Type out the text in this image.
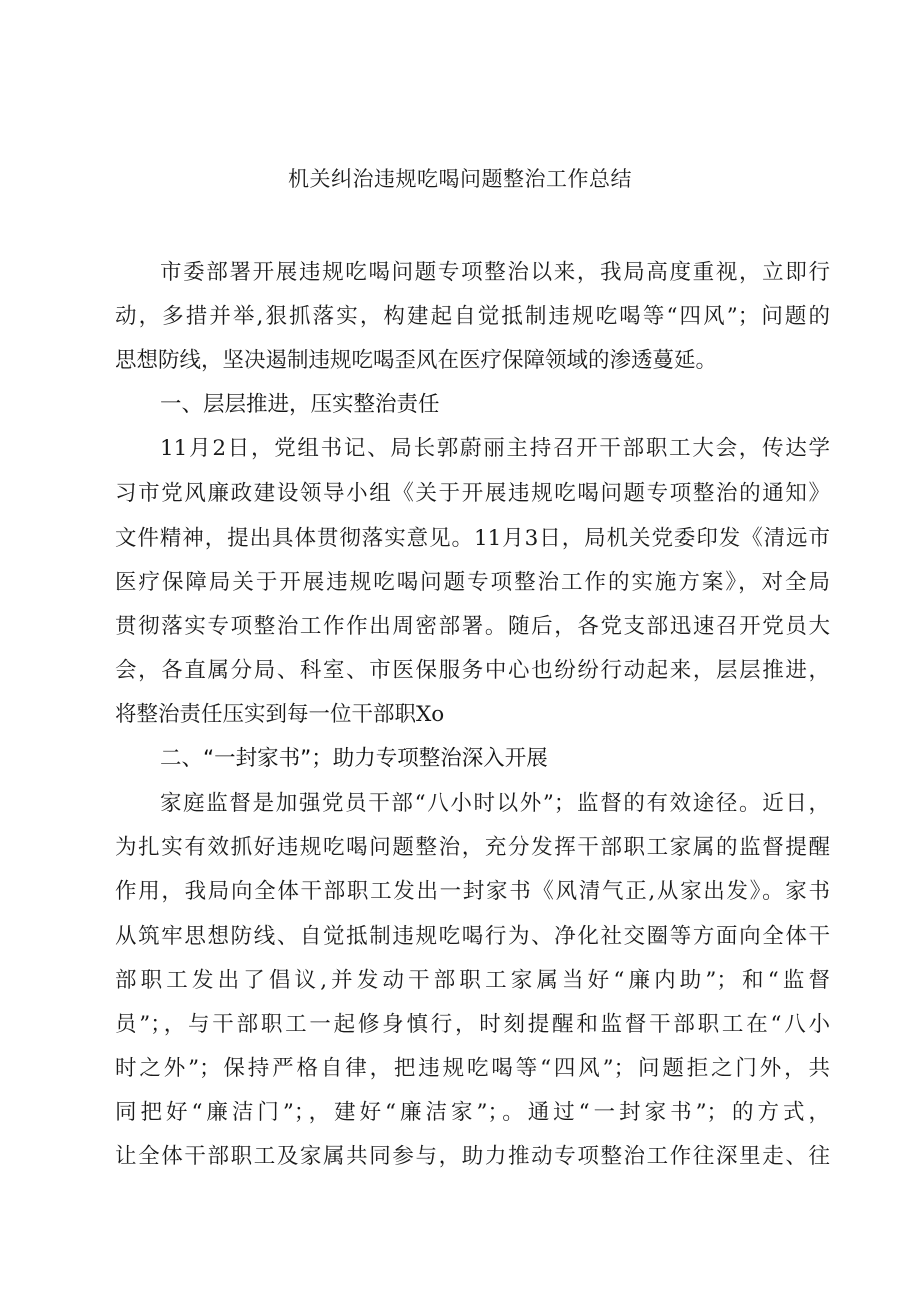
机关纠治违规吃喝问题整治工作总结
市委部署开展违规吃喝问题专项整治以来，我局高度重视，立即行
动，多措并举,狠抓落实，构建起自觉抵制违规吃喝等“四风”；问题的
思想防线，坚决遏制违规吃喝歪风在医疗保障领域的渗透蔓延。
一、层层推进，压实整治责任
11月2日，党组书记、局长郭蔚丽主持召开干部职工大会，传达学
习市党风廉政建设领导小组《关于开展违规吃喝问题专项整治的通知》
文件精神，提出具体贯彻落实意见。11月3日，局机关党委印发《清远市
医疗保障局关于开展违规吃喝问题专项整治工作的实施方案》，对全局
贯彻落实专项整治工作作出周密部署。随后，各党支部迅速召开党员大
会，各直属分局、科室、市医保服务中心也纷纷行动起来，层层推进，
将整治责任压实到每一位干部职Xo
二、“一封家书”；助力专项整治深入开展
家庭监督是加强党员干部“八小时以外”；监督的有效途径。近日，
为扎实有效抓好违规吃喝问题整治，充分发挥干部职工家属的监督提醒
作用，我局向全体干部职工发出一封家书《风清气正,从家出发》。家书
从筑牢思想防线、自觉抵制违规吃喝行为、净化社交圈等方面向全体干
部职工发出了倡议,并发动干部职工家属当好“廉内助”；和“监督
员”；，与干部职工一起修身慎行，时刻提醒和监督干部职工在“八小
时之外”；保持严格自律，把违规吃喝等“四风”；问题拒之门外，共
同把好“廉洁门”；，建好“廉洁家”；。通过“一封家书”；的方式，
让全体干部职工及家属共同参与，助力推动专项整治工作往深里走、往
